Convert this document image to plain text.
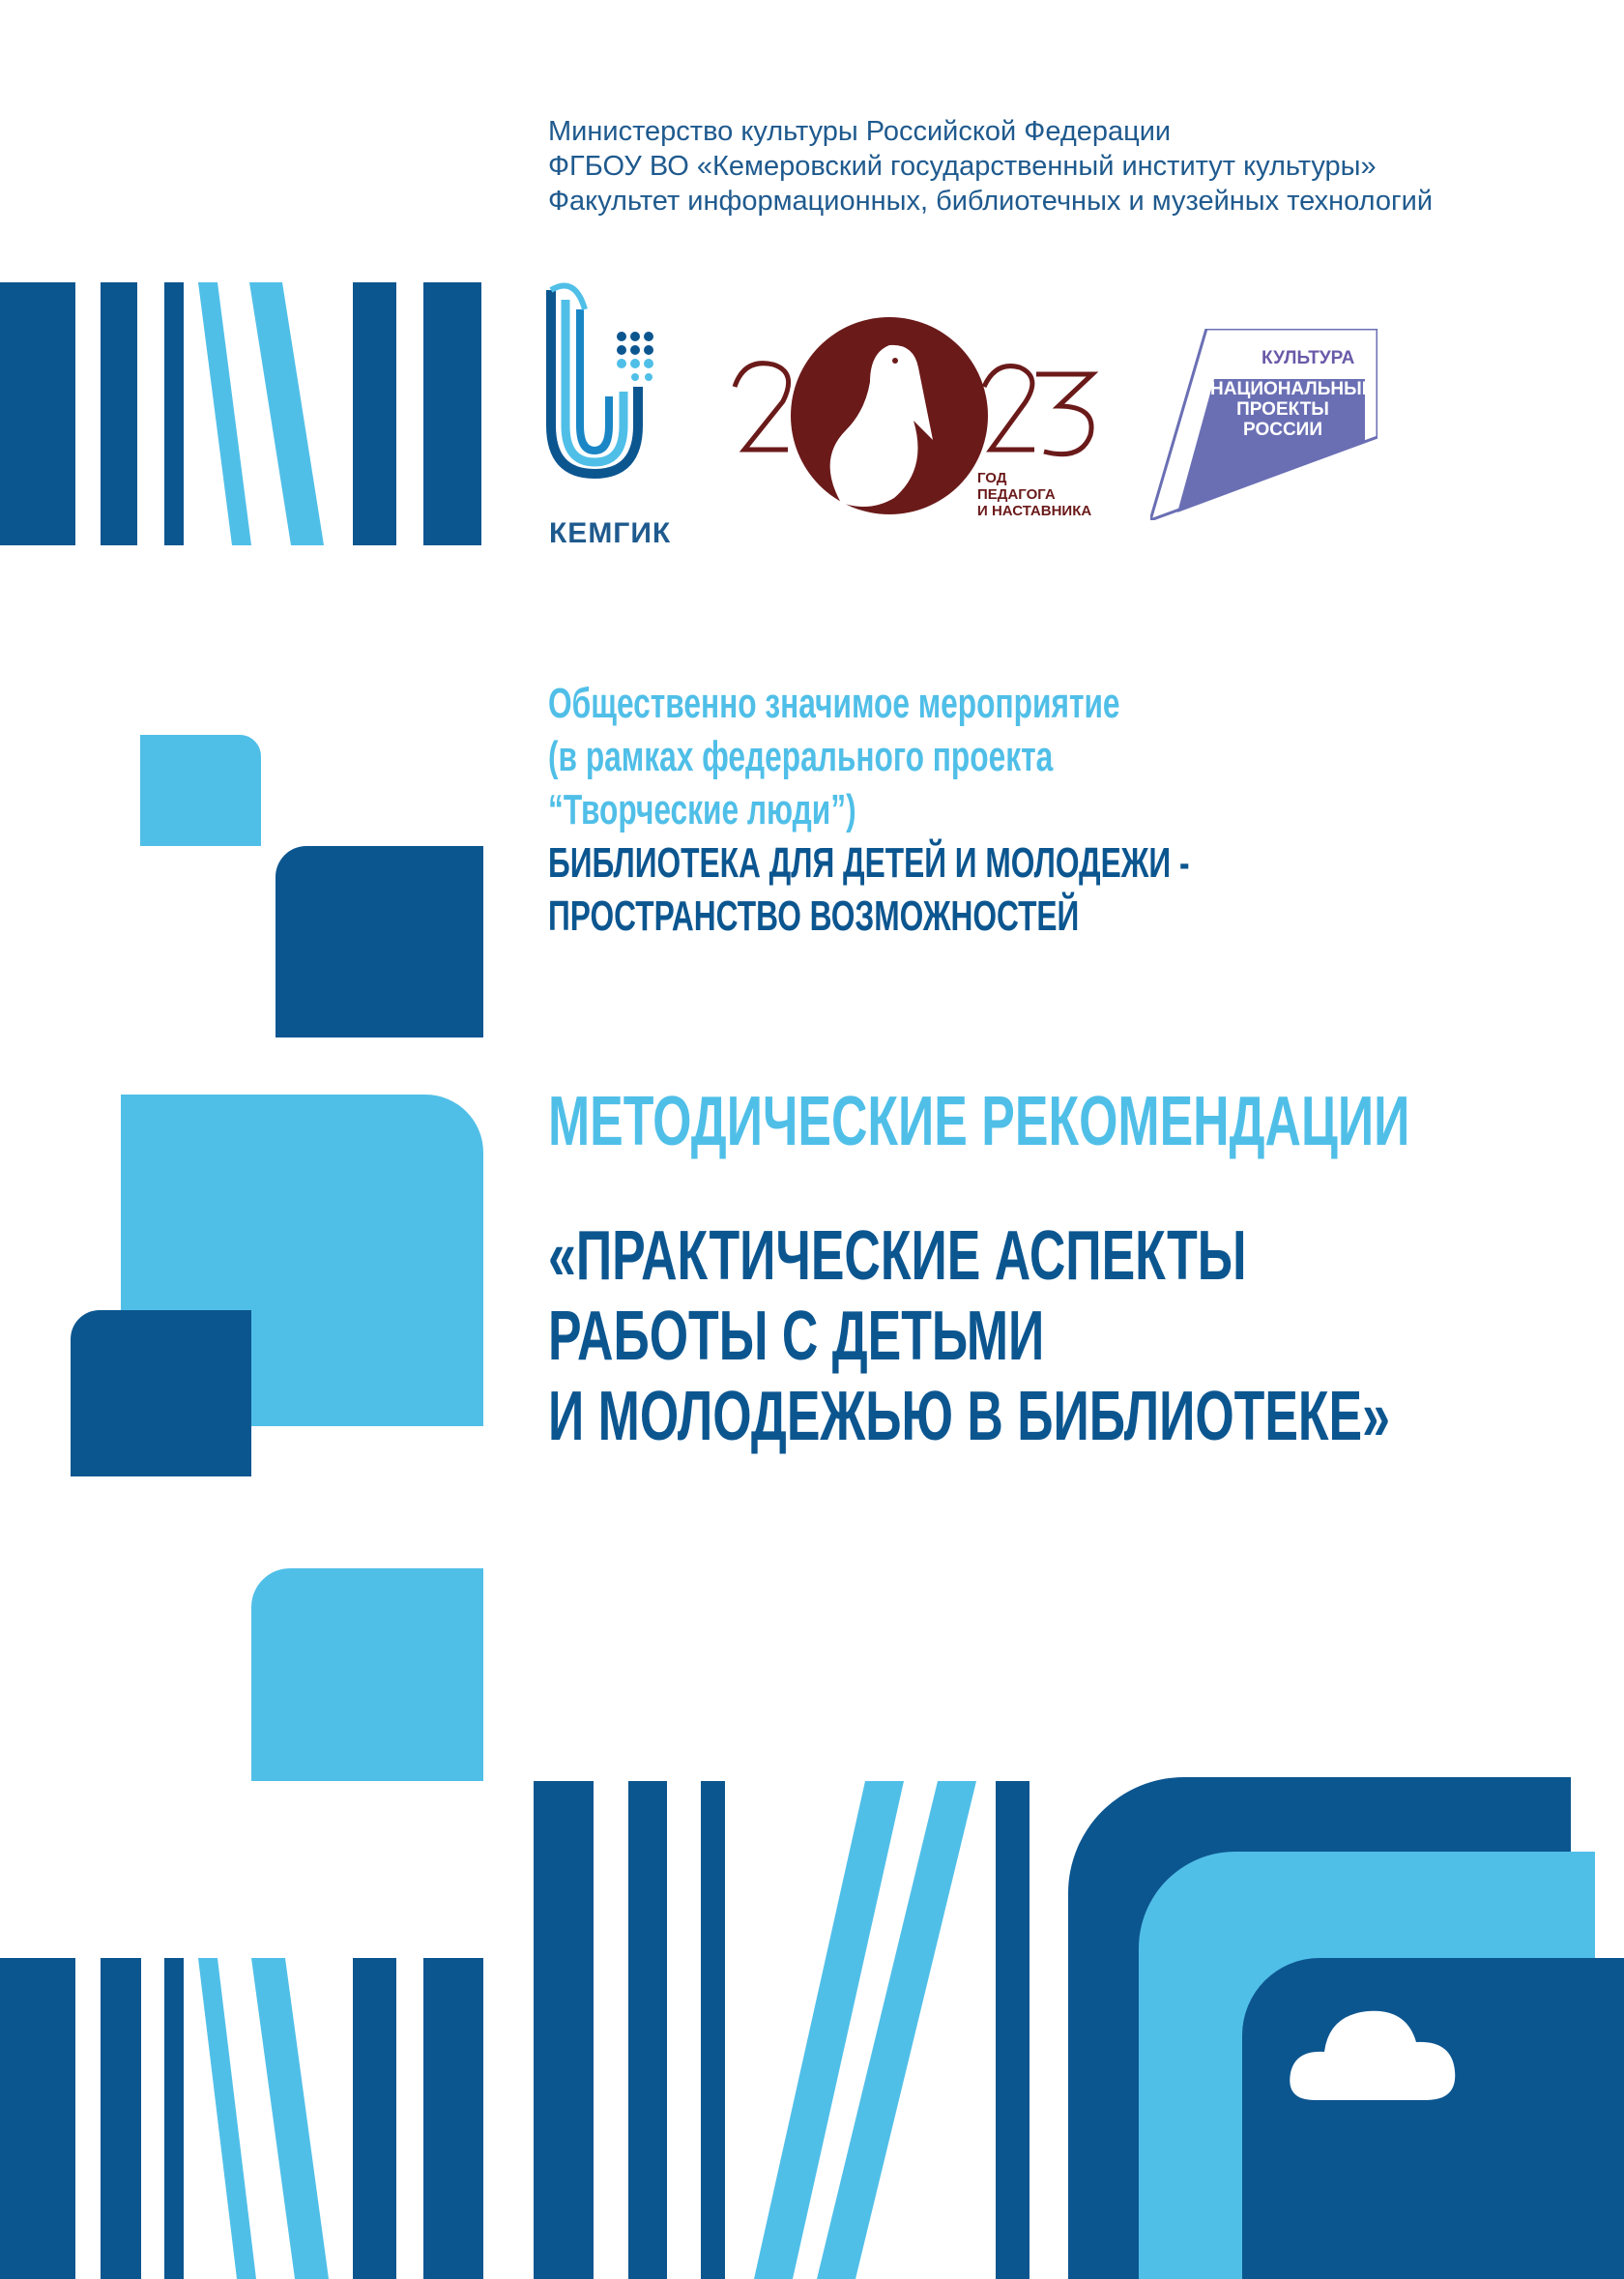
Министерство культуры Российской Федерации
ФГБОУ ВО «Кемеровский государственный институт культуры»
Факультет информационных, библиотечных и музейных технологий
КЕМГИК
ГОД
ПЕДАГОГА
И НАСТАВНИКА
КУЛЬТУРА
НАЦИОНАЛЬНЫЕ
ПРОЕКТЫ
РОССИИ
Общественно значимое мероприятие
(в рамках федерального проекта
“Творческие люди”)
БИБЛИОТЕКА ДЛЯ ДЕТЕЙ И МОЛОДЕЖИ -
ПРОСТРАНСТВО ВОЗМОЖНОСТЕЙ
МЕТОДИЧЕСКИЕ РЕКОМЕНДАЦИИ
«ПРАКТИЧЕСКИЕ АСПЕКТЫ
РАБОТЫ С ДЕТЬМИ
И МОЛОДЕЖЬЮ В БИБЛИОТЕКЕ»
